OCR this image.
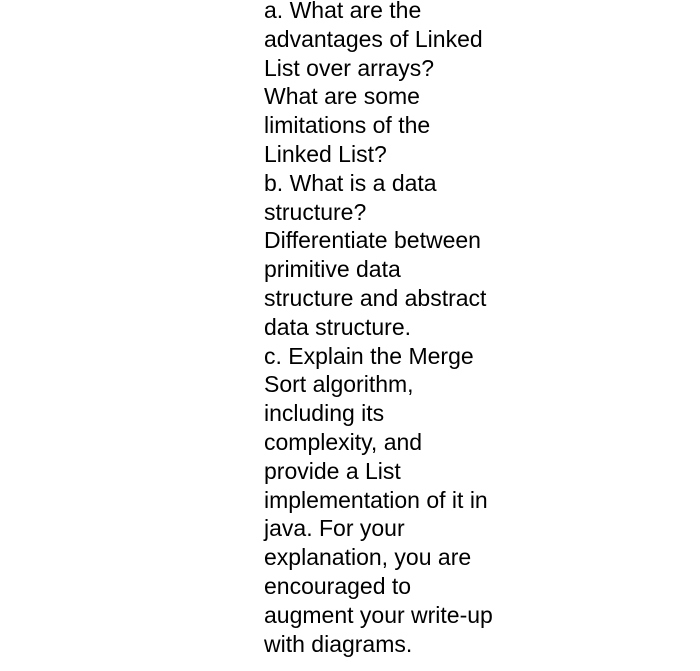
a. What are the
advantages of Linked
List over arrays?
What are some
limitations of the
Linked List?
b. What is a data
structure?
Differentiate between
primitive data
structure and abstract
data structure.
c. Explain the Merge
Sort algorithm,
including its
complexity, and
provide a List
implementation of it in
java. For your
explanation, you are
encouraged to
augment your write-up
with diagrams.
